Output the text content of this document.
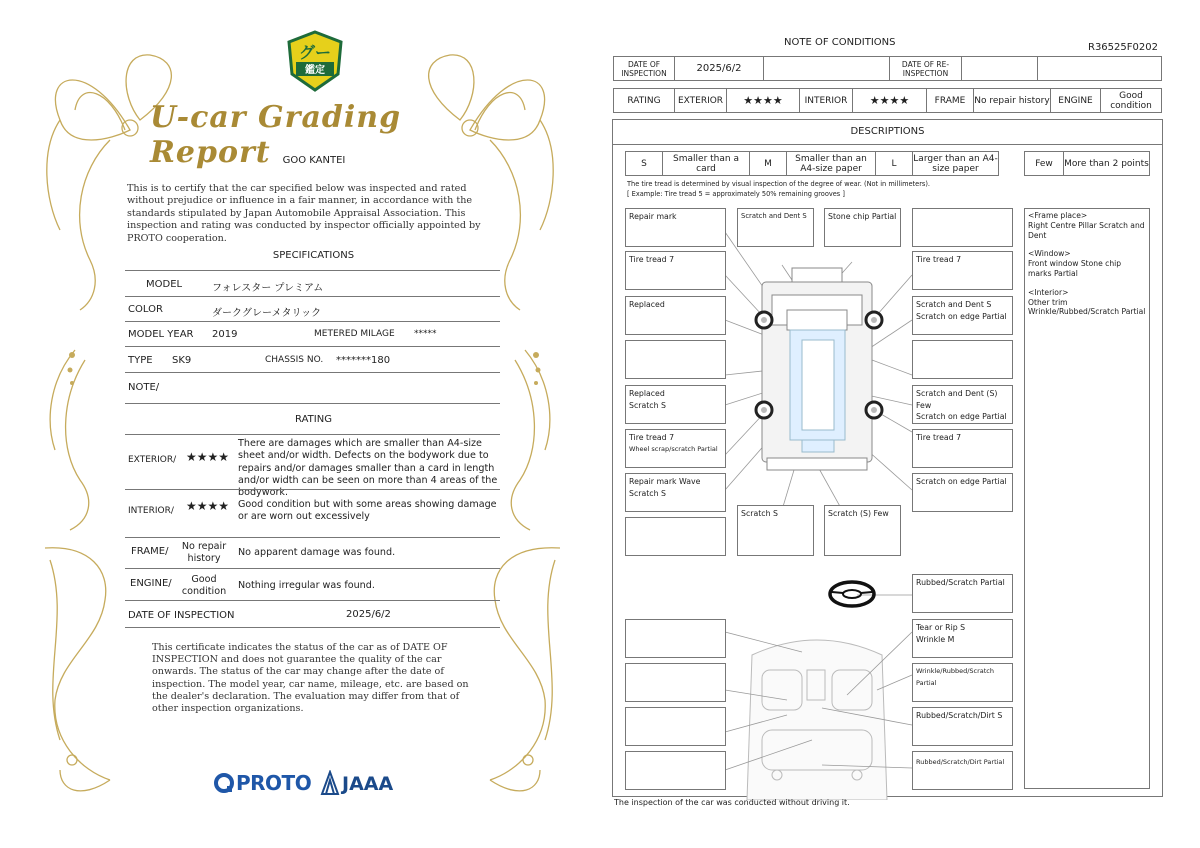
グー
鑑定
U-car Grading Report	GOO KANTEI
This is to certify that the car specified below was inspected and rated without prejudice or influence in a fair manner, in accordance with the standards stipulated by Japan Automobile Appraisal Association. This inspection and rating was conducted by inspector officially appointed by PROTO cooperation.
SPECIFICATIONS
MODEL	フォレスター プレミアム
COLOR	ダークグレーメタリック
MODEL YEAR 2019	METERED MILAGE *****
TYPE SK9	CHASSIS NO. *******180
NOTE/
RATING
EXTERIOR/ ★★★★
There are damages which are smaller than A4-size sheet and/or width. Defects on the bodywork due to repairs and/or damages smaller than a card in length and/or width can be seen on more than 4 areas of the bodywork.
INTERIOR/ ★★★★ Good condition but with some areas showing damage or are worn out excessively
FRAME/	No repair history
No apparent damage was found.
ENGINE/	Good condition
Nothing irregular was found.
DATE OF INSPECTION	2025/6/2
This certificate indicates the status of the car as of DATE OF INSPECTION and does not guarantee the quality of the car onwards. The status of the car may change after the date of inspection. The model year, car name, mileage, etc. are based on the dealer's declaration. The evaluation may differ from that of other inspection organizations.
PROTO JAAA
NOTE OF CONDITIONS	R36525F0202
DATE OF INSPECTION	2025/6/2	DATE OF RE-INSPECTION
RATING	EXTERIOR	★★★★	INTERIOR	★★★★	FRAME No repair history ENGINE	Good condition
DESCRIPTIONS
S	Smaller than a card	M	Smaller than an A4-size paper	L	Larger than an A4-size paper	Few	More than 2 points
The tire tread is determined by visual inspection of the degree of wear. (Not in millimeters).
[ Example: Tire tread 5 = approximately 50% remaining grooves ]
Repair mark
Tire tread 7
Replaced
Replaced
Scratch S
Tire tread 7
Wheel scrap/scratch Partial
Repair mark Wave
Scratch S
Scratch and Dent S	Stone chip Partial
Scratch S	Scratch (S) Few
Tire tread 7
Scratch and Dent S
Scratch on edge Partial
Scratch and Dent (S) Few
Scratch on edge Partial
Tire tread 7
Scratch on edge Partial
Rubbed/Scratch Partial
Tear or Rip S
Wrinkle M
Wrinkle/Rubbed/Scratch Partial
Rubbed/Scratch/Dirt S
Rubbed/Scratch/Dirt Partial
<Frame place>
Right Centre Pillar Scratch and Dent
<Window>
Front window Stone chip marks Partial
<Interior>
Other trim
Wrinkle/Rubbed/Scratch Partial
The inspection of the car was conducted without driving it.
